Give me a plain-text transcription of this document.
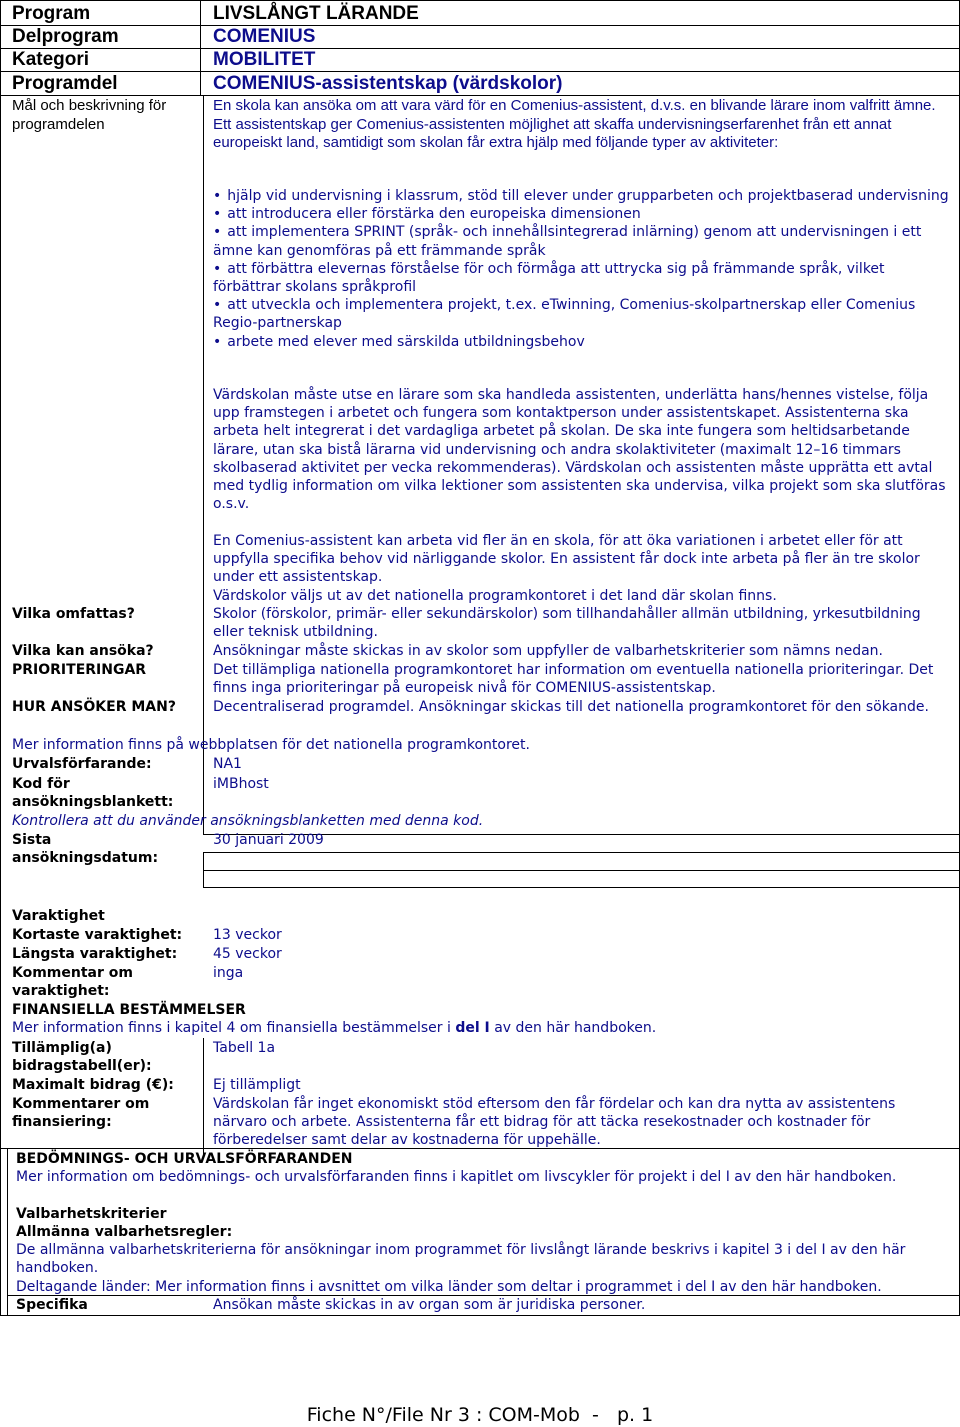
Program	LIVSLÅNGT LÄRANDE
Delprogram	COMENIUS
Kategori	MOBILITET
Programdel	COMENIUS-assistentskap (värdskolor)
Mål och beskrivning för programdelen
En skola kan ansöka om att vara värd för en Comenius-assistent, d.v.s. en blivande lärare inom valfritt ämne. Ett assistentskap ger Comenius-assistenten möjlighet att skaffa undervisningserfarenhet från ett annat europeiskt land, samtidigt som skolan får extra hjälp med följande typer av aktiviteter:
• hjälp vid undervisning i klassrum, stöd till elever under grupparbeten och projektbaserad undervisning
• att introducera eller förstärka den europeiska dimensionen
• att implementera SPRINT (språk- och innehållsintegrerad inlärning) genom att undervisningen i ett ämne kan genomföras på ett främmande språk
• att förbättra elevernas förståelse för och förmåga att uttrycka sig på främmande språk, vilket förbättrar skolans språkprofil
• att utveckla och implementera projekt, t.ex. eTwinning, Comenius-skolpartnerskap eller Comenius Regio-partnerskap
• arbete med elever med särskilda utbildningsbehov
Värdskolan måste utse en lärare som ska handleda assistenten, underlätta hans/hennes vistelse, följa upp framstegen i arbetet och fungera som kontaktperson under assistentskapet. Assistenterna ska arbeta helt integrerat i det vardagliga arbetet på skolan. De ska inte fungera som heltidsarbetande lärare, utan ska bistå lärarna vid undervisning och andra skolaktiviteter (maximalt 12–16 timmars skolbaserad aktivitet per vecka rekommenderas). Värdskolan och assistenten måste upprätta ett avtal med tydlig information om vilka lektioner som assistenten ska undervisa, vilka projekt som ska slutföras o.s.v.
En Comenius-assistent kan arbeta vid fler än en skola, för att öka variationen i arbetet eller för att uppfylla specifika behov vid närliggande skolor. En assistent får dock inte arbeta på fler än tre skolor under ett assistentskap.
Värdskolor väljs ut av det nationella programkontoret i det land där skolan finns.
Vilka omfattas?	Skolor (förskolor, primär- eller sekundärskolor) som tillhandahåller allmän utbildning, yrkesutbildning eller teknisk utbildning.
Vilka kan ansöka?	Ansökningar måste skickas in av skolor som uppfyller de valbarhetskriterier som nämns nedan.
PRIORITERINGAR	Det tillämpliga nationella programkontoret har information om eventuella nationella prioriteringar. Det finns inga prioriteringar på europeisk nivå för COMENIUS-assistentskap.
HUR ANSÖKER MAN?	Decentraliserad programdel. Ansökningar skickas till det nationella programkontoret för den sökande.
Mer information finns på webbplatsen för det nationella programkontoret.
Urvalsförfarande:	NA1
Kod för ansökningsblankett:
iMBhost
Kontrollera att du använder ansökningsblanketten med denna kod.
Sista ansökningsdatum:
30 januari 2009
Varaktighet
Kortaste varaktighet: 13 veckor
Längsta varaktighet:	45 veckor
Kommentar om varaktighet:
inga
FINANSIELLA BESTÄMMELSER
Mer information finns i kapitel 4 om finansiella bestämmelser i del I av den här handboken.
Tillämplig(a) bidragstabell(er):
Tabell 1a
Maximalt bidrag (€):	Ej tillämpligt
Kommentarer om finansiering:
Värdskolan får inget ekonomiskt stöd eftersom den får fördelar och kan dra nytta av assistentens närvaro och arbete. Assistenterna får ett bidrag för att täcka resekostnader och kostnader för förberedelser samt delar av kostnaderna för uppehälle.
BEDÖMNINGS- OCH URVALSFÖRFARANDEN
Mer information om bedömnings- och urvalsförfaranden finns i kapitlet om livscykler för projekt i del I av den här handboken.
Valbarhetskriterier
Allmänna valbarhetsregler:
De allmänna valbarhetskriterierna för ansökningar inom programmet för livslångt lärande beskrivs i kapitel 3 i del I av den här handboken.
Deltagande länder: Mer information finns i avsnittet om vilka länder som deltar i programmet i del I av den här handboken.
Specifika	Ansökan måste skickas in av organ som är juridiska personer.
Fiche N°/File Nr 3 : COM-Mob  -   p. 1
